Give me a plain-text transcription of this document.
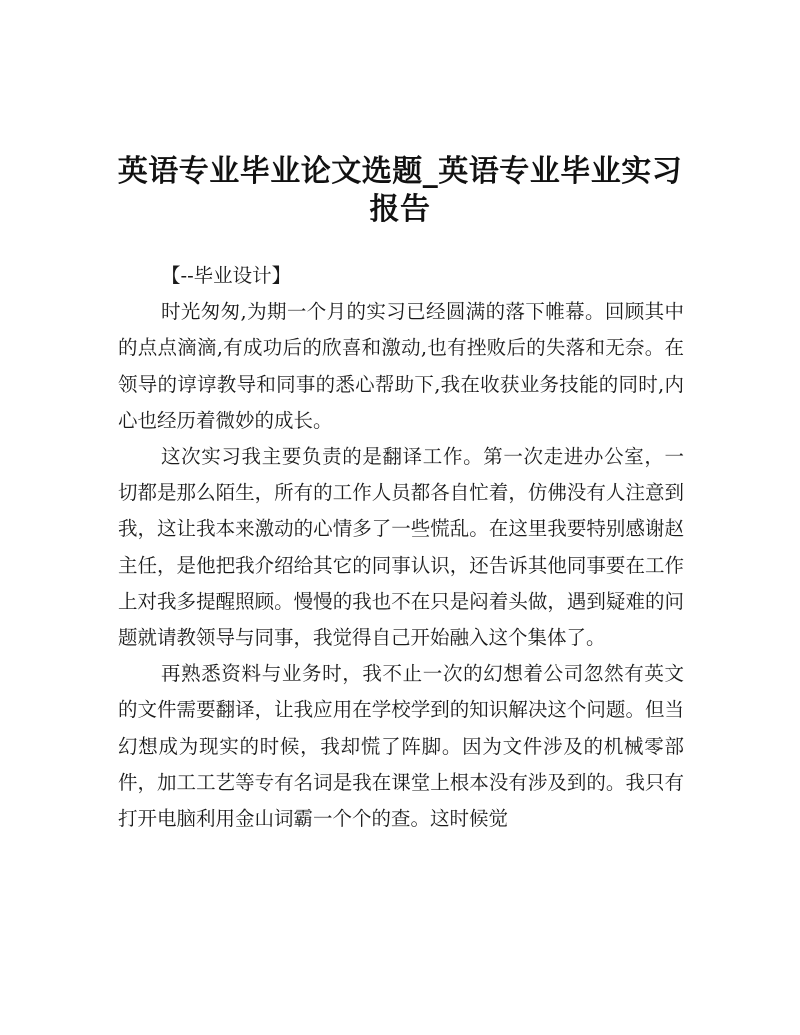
英语专业毕业论文选题_英语专业毕业实习报告

【--毕业设计】

时光匆匆,为期一个月的实习已经圆满的落下帷幕。回顾其中的点点滴滴,有成功后的欣喜和激动,也有挫败后的失落和无奈。在领导的谆谆教导和同事的悉心帮助下,我在收获业务技能的同时,内心也经历着微妙的成长。

这次实习我主要负责的是翻译工作。第一次走进办公室，一切都是那么陌生，所有的工作人员都各自忙着，仿佛没有人注意到我，这让我本来激动的心情多了一些慌乱。在这里我要特别感谢赵主任，是他把我介绍给其它的同事认识，还告诉其他同事要在工作上对我多提醒照顾。慢慢的我也不在只是闷着头做，遇到疑难的问题就请教领导与同事，我觉得自己开始融入这个集体了。

再熟悉资料与业务时，我不止一次的幻想着公司忽然有英文的文件需要翻译，让我应用在学校学到的知识解决这个问题。但当幻想成为现实的时候，我却慌了阵脚。因为文件涉及的机械零部件，加工工艺等专有名词是我在课堂上根本没有涉及到的。我只有打开电脑利用金山词霸一个个的查。这时候觉
